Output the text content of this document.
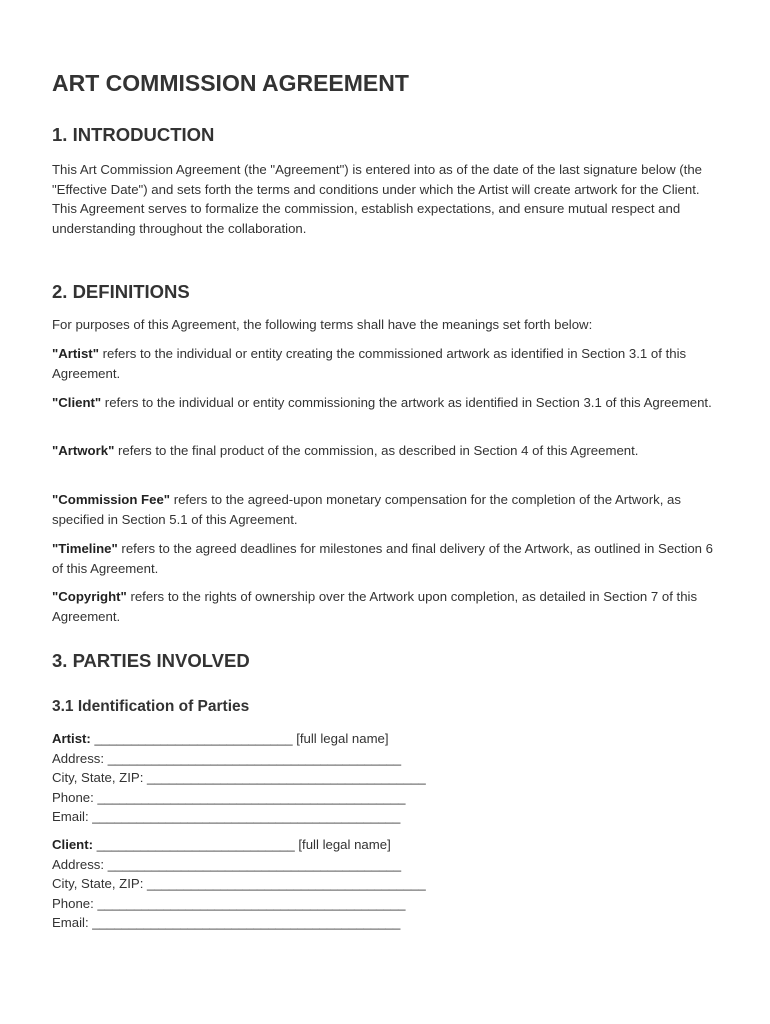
ART COMMISSION AGREEMENT
1. INTRODUCTION

This Art Commission Agreement (the "Agreement") is entered into as of the date of the last signature below (the "Effective Date") and sets forth the terms and conditions under which the Artist will create artwork for the Client. This Agreement serves to formalize the commission, establish expectations, and ensure mutual respect and understanding throughout the collaboration.

2. DEFINITIONS

For purposes of this Agreement, the following terms shall have the meanings set forth below:

"Artist" refers to the individual or entity creating the commissioned artwork as identified in Section 3.1 of this Agreement.

"Client" refers to the individual or entity commissioning the artwork as identified in Section 3.1 of this Agreement.

"Artwork" refers to the final product of the commission, as described in Section 4 of this Agreement.

"Commission Fee" refers to the agreed-upon monetary compensation for the completion of the Artwork, as specified in Section 5.1 of this Agreement.

"Timeline" refers to the agreed deadlines for milestones and final delivery of the Artwork, as outlined in Section 6 of this Agreement.

"Copyright" refers to the rights of ownership over the Artwork upon completion, as detailed in Section 7 of this Agreement.

3. PARTIES INVOLVED
3.1 Identification of Parties
Artist: ___________________________ [full legal name]
Address: ________________________________________
City, State, ZIP: ______________________________________
Phone: __________________________________________
Email: __________________________________________
Client: ___________________________ [full legal name]
Address: ________________________________________
City, State, ZIP: ______________________________________
Phone: __________________________________________
Email: __________________________________________
